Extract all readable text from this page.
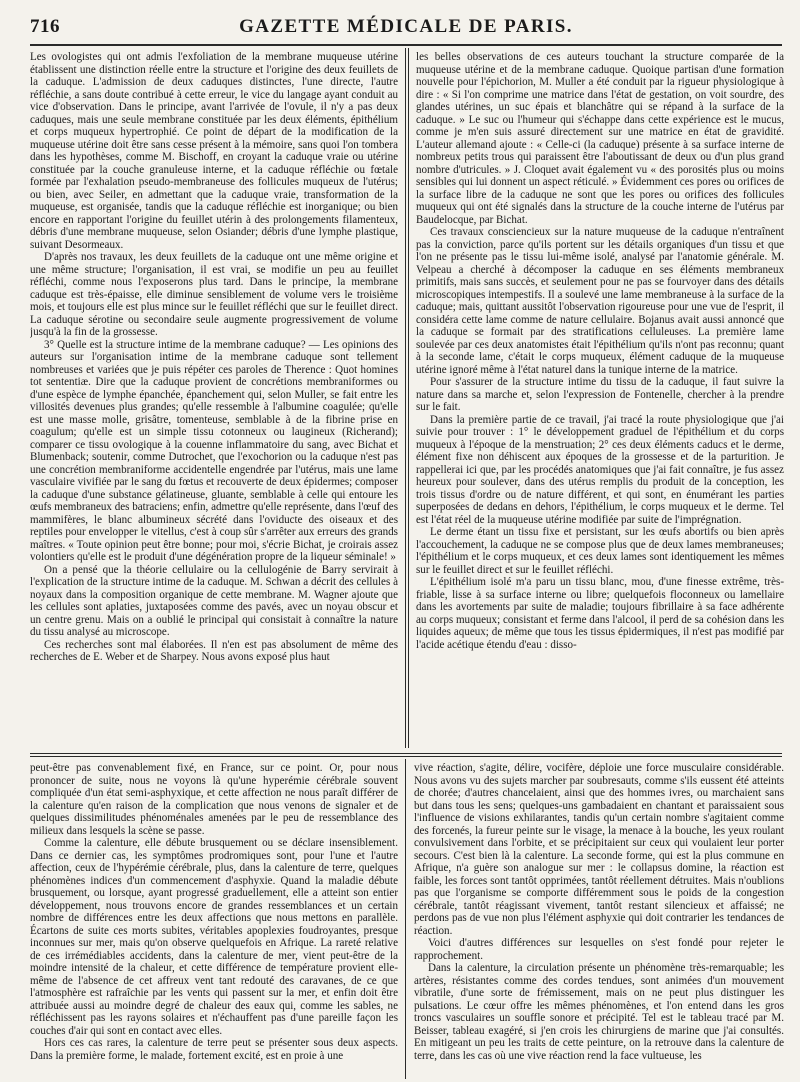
716	GAZETTE MÉDICALE DE PARIS.

Les ovologistes qui ont admis l'exfoliation de la membrane muqueuse utérine établissent une distinction réelle entre la structure et l'origine des deux feuillets de la caduque. L'admission de deux caduques distinctes, l'une directe, l'autre réfléchie, a sans doute contribué à cette erreur, le vice du langage ayant conduit au vice d'observation. Dans le principe, avant l'arrivée de l'ovule, il n'y a pas deux caduques, mais une seule membrane constituée par les deux éléments, épithélium et corps muqueux hypertrophié. Ce point de départ de la modification de la muqueuse utérine doit être sans cesse présent à la mémoire, sans quoi l'on tombera dans les hypothèses, comme M. Bischoff, en croyant la caduque vraie ou utérine constituée par la couche granuleuse interne, et la caduque réfléchie ou fœtale formée par l'exhalation pseudo-membraneuse des follicules muqueux de l'utérus; ou bien, avec Seiler, en admettant que la caduque vraie, transformation de la muqueuse, est organisée, tandis que la caduque réfléchie est inorganique; ou bien encore en rapportant l'origine du feuillet utérin à des prolongements filamenteux, débris d'une membrane muqueuse, selon Osiander; débris d'une lymphe plastique, suivant Desormeaux.

D'après nos travaux, les deux feuillets de la caduque ont une même origine et une même structure; l'organisation, il est vrai, se modifie un peu au feuillet réfléchi, comme nous l'exposerons plus tard. Dans le principe, la membrane caduque est très-épaisse, elle diminue sensiblement de volume vers le troisième mois, et toujours elle est plus mince sur le feuillet réfléchi que sur le feuillet direct. La caduque sérotine ou secondaire seule augmente progressivement de volume jusqu'à la fin de la grossesse.

3° Quelle est la structure intime de la membrane caduque? — Les opinions des auteurs sur l'organisation intime de la membrane caduque sont tellement nombreuses et variées que je puis répéter ces paroles de Therence : Quot homines tot sententiæ. Dire que la caduque provient de concrétions membraniformes ou d'une espèce de lymphe épanchée, épanchement qui, selon Muller, se fait entre les villosités devenues plus grandes; qu'elle ressemble à l'albumine coagulée; qu'elle est une masse molle, grisâtre, tomenteuse, semblable à de la fibrine prise en coagulum; qu'elle est un simple tissu cotonneux ou laugineux (Richerand); comparer ce tissu ovologique à la couenne inflammatoire du sang, avec Bichat et Blumenback; soutenir, comme Dutrochet, que l'exochorion ou la caduque n'est pas une concrétion membraniforme accidentelle engendrée par l'utérus, mais une lame vasculaire vivifiée par le sang du fœtus et recouverte de deux épidermes; composer la caduque d'une substance gélatineuse, gluante, semblable à celle qui entoure les œufs membraneux des batraciens; enfin, admettre qu'elle représente, dans l'œuf des mammifères, le blanc albumineux sécrété dans l'oviducte des oiseaux et des reptiles pour envelopper le vitellus, c'est à coup sûr s'arrêter aux erreurs des grands maîtres. « Toute opinion peut être bonne; pour moi, s'écrie Bichat, je croirais assez volontiers qu'elle est le produit d'une dégénération propre de la liqueur séminale! »

On a pensé que la théorie cellulaire ou la cellulogénie de Barry servirait à l'explication de la structure intime de la caduque. M. Schwan a décrit des cellules à noyaux dans la composition organique de cette membrane. M. Wagner ajoute que les cellules sont aplaties, juxtaposées comme des pavés, avec un noyau obscur et un centre grenu. Mais on a oublié le principal qui consistait à connaître la nature du tissu analysé au microscope.

Ces recherches sont mal élaborées. Il n'en est pas absolument de même des recherches de E. Weber et de Sharpey. Nous avons exposé plus haut

les belles observations de ces auteurs touchant la structure comparée de la muqueuse utérine et de la membrane caduque. Quoique partisan d'une formation nouvelle pour l'épichorion, M. Muller a été conduit par la rigueur physiologique à dire : « Si l'on comprime une matrice dans l'état de gestation, on voit sourdre, des glandes utérines, un suc épais et blanchâtre qui se répand à la surface de la caduque. » Le suc ou l'humeur qui s'échappe dans cette expérience est le mucus, comme je m'en suis assuré directement sur une matrice en état de gravidité. L'auteur allemand ajoute : « Celle-ci (la caduque) présente à sa surface interne de nombreux petits trous qui paraissent être l'aboutissant de deux ou d'un plus grand nombre d'utricules. » J. Cloquet avait également vu « des porosités plus ou moins sensibles qui lui donnent un aspect réticulé. » Évidemment ces pores ou orifices de la surface libre de la caduque ne sont que les pores ou orifices des follicules muqueux qui ont été signalés dans la structure de la couche interne de l'utérus par Baudelocque, par Bichat.

Ces travaux consciencieux sur la nature muqueuse de la caduque n'entraînent pas la conviction, parce qu'ils portent sur les détails organiques d'un tissu et que l'on ne présente pas le tissu lui-même isolé, analysé par l'anatomie générale. M. Velpeau a cherché à décomposer la caduque en ses éléments membraneux primitifs, mais sans succès, et seulement pour ne pas se fourvoyer dans des détails microscopiques intempestifs. Il a soulevé une lame membraneuse à la surface de la caduque; mais, quittant aussitôt l'observation rigoureuse pour une vue de l'esprit, il considéra cette lame comme de nature cellulaire. Bojanus avait aussi annoncé que la caduque se formait par des stratifications celluleuses. La première lame soulevée par ces deux anatomistes était l'épithélium qu'ils n'ont pas reconnu; quant à la seconde lame, c'était le corps muqueux, élément caduque de la muqueuse utérine ignoré même à l'état naturel dans la tunique interne de la matrice.

Pour s'assurer de la structure intime du tissu de la caduque, il faut suivre la nature dans sa marche et, selon l'expression de Fontenelle, chercher à la prendre sur le fait.

Dans la première partie de ce travail, j'ai tracé la route physiologique que j'ai suivie pour trouver : 1° le développement graduel de l'épithélium et du corps muqueux à l'époque de la menstruation; 2° ces deux éléments caducs et le derme, élément fixe non déhiscent aux époques de la grossesse et de la parturition. Je rappellerai ici que, par les procédés anatomiques que j'ai fait connaître, je fus assez heureux pour soulever, dans des utérus remplis du produit de la conception, les trois tissus d'ordre ou de nature différent, et qui sont, en énumérant les parties superposées de dedans en dehors, l'épithélium, le corps muqueux et le derme. Tel est l'état réel de la muqueuse utérine modifiée par suite de l'imprégnation.

Le derme étant un tissu fixe et persistant, sur les œufs abortifs ou bien après l'accouchement, la caduque ne se compose plus que de deux lames membraneuses; l'épithélium et le corps muqueux, et ces deux lames sont identiquement les mêmes sur le feuillet direct et sur le feuillet réfléchi.

L'épithélium isolé m'a paru un tissu blanc, mou, d'une finesse extrême, très-friable, lisse à sa surface interne ou libre; quelquefois floconneux ou lamellaire dans les avortements par suite de maladie; toujours fibrillaire à sa face adhérente au corps muqueux; consistant et ferme dans l'alcool, il perd de sa cohésion dans les liquides aqueux; de même que tous les tissus épidermiques, il n'est pas modifié par l'acide acétique étendu d'eau : disso-

peut-être pas convenablement fixé, en France, sur ce point. Or, pour nous prononcer de suite, nous ne voyons là qu'une hyperémie cérébrale souvent compliquée d'un état semi-asphyxique, et cette affection ne nous paraît différer de la calenture qu'en raison de la complication que nous venons de signaler et de quelques dissimilitudes phénoménales amenées par le peu de ressemblance des milieux dans lesquels la scène se passe.

Comme la calenture, elle débute brusquement ou se déclare insensiblement. Dans ce dernier cas, les symptômes prodromiques sont, pour l'une et l'autre affection, ceux de l'hypérémie cérébrale, plus, dans la calenture de terre, quelques phénomènes indices d'un commencement d'asphyxie. Quand la maladie débute brusquement, ou lorsque, ayant progressé graduellement, elle a atteint son entier développement, nous trouvons encore de grandes ressemblances et un certain nombre de différences entre les deux affections que nous mettons en parallèle. Écartons de suite ces morts subites, véritables apoplexies foudroyantes, presque inconnues sur mer, mais qu'on observe quelquefois en Afrique. La rareté relative de ces irrémédiables accidents, dans la calenture de mer, vient peut-être de la moindre intensité de la chaleur, et cette différence de température provient elle-même de l'absence de cet affreux vent tant redouté des caravanes, de ce que l'atmosphère est rafraîchie par les vents qui passent sur la mer, et enfin doit être attribuée aussi au moindre degré de chaleur des eaux qui, comme les sables, ne réfléchissent pas les rayons solaires et n'échauffent pas d'une pareille façon les couches d'air qui sont en contact avec elles.

Hors ces cas rares, la calenture de terre peut se présenter sous deux aspects. Dans la première forme, le malade, fortement excité, est en proie à une

vive réaction, s'agite, délire, vocifère, déploie une force musculaire considérable. Nous avons vu des sujets marcher par soubresauts, comme s'ils eussent été atteints de chorée; d'autres chancelaient, ainsi que des hommes ivres, ou marchaient sans but dans tous les sens; quelques-uns gambadaient en chantant et paraissaient sous l'influence de visions exhilarantes, tandis qu'un certain nombre s'agitaient comme des forcenés, la fureur peinte sur le visage, la menace à la bouche, les yeux roulant convulsivement dans l'orbite, et se précipitaient sur ceux qui voulaient leur porter secours. C'est bien là la calenture. La seconde forme, qui est la plus commune en Afrique, n'a guère son analogue sur mer : le collapsus domine, la réaction est faible, les forces sont tantôt opprimées, tantôt réellement détruites. Mais n'oublions pas que l'organisme se comporte différemment sous le poids de la congestion cérébrale, tantôt réagissant vivement, tantôt restant silencieux et affaissé; ne perdons pas de vue non plus l'élément asphyxie qui doit contrarier les tendances de réaction.

Voici d'autres différences sur lesquelles on s'est fondé pour rejeter le rapprochement.

Dans la calenture, la circulation présente un phénomène très-remarquable; les artères, résistantes comme des cordes tendues, sont animées d'un mouvement vibratile, d'une sorte de frémissement, mais on ne peut plus distinguer les pulsations. Le cœur offre les mêmes phénomènes, et l'on entend dans les gros troncs vasculaires un souffle sonore et précipité. Tel est le tableau tracé par M. Beisser, tableau exagéré, si j'en crois les chirurgiens de marine que j'ai consultés. En mitigeant un peu les traits de cette peinture, on la retrouve dans la calenture de terre, dans les cas où une vive réaction rend la face vultueuse, les
